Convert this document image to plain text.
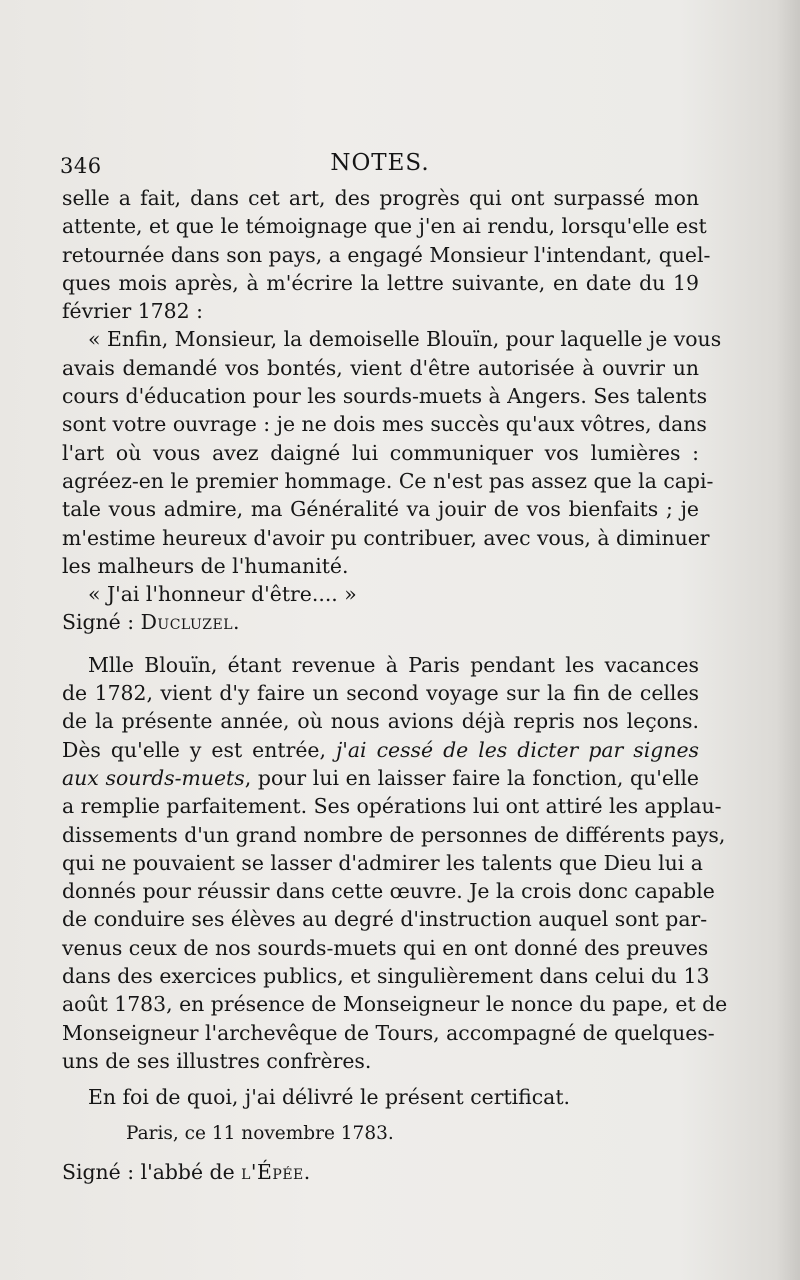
346	NOTES.

selle a fait, dans cet art, des progrès qui ont surpassé mon
attente, et que le témoignage que j'en ai rendu, lorsqu'elle est
retournée dans son pays, a engagé Monsieur l'intendant, quel-
ques mois après, à m'écrire la lettre suivante, en date du 19
février 1782 :

« Enfin, Monsieur, la demoiselle Blouïn, pour laquelle je vous
avais demandé vos bontés, vient d'être autorisée à ouvrir un
cours d'éducation pour les sourds-muets à Angers. Ses talents
sont votre ouvrage : je ne dois mes succès qu'aux vôtres, dans
l'art où vous avez daigné lui communiquer vos lumières :
agréez-en le premier hommage. Ce n'est pas assez que la capi-
tale vous admire, ma Généralité va jouir de vos bienfaits ; je
m'estime heureux d'avoir pu contribuer, avec vous, à diminuer
les malheurs de l'humanité.

« J'ai l'honneur d'être.... »

Signé : Ducluzel.

Mlle Blouïn, étant revenue à Paris pendant les vacances
de 1782, vient d'y faire un second voyage sur la fin de celles
de la présente année, où nous avions déjà repris nos leçons.
Dès qu'elle y est entrée, j'ai cessé de les dicter par signes
aux sourds-muets, pour lui en laisser faire la fonction, qu'elle
a remplie parfaitement. Ses opérations lui ont attiré les applau-
dissements d'un grand nombre de personnes de différents pays,
qui ne pouvaient se lasser d'admirer les talents que Dieu lui a
donnés pour réussir dans cette œuvre. Je la crois donc capable
de conduire ses élèves au degré d'instruction auquel sont par-
venus ceux de nos sourds-muets qui en ont donné des preuves
dans des exercices publics, et singulièrement dans celui du 13
août 1783, en présence de Monseigneur le nonce du pape, et de
Monseigneur l'archevêque de Tours, accompagné de quelques-
uns de ses illustres confrères.

En foi de quoi, j'ai délivré le présent certificat.

Paris, ce 11 novembre 1783.

Signé : l'abbé de l'Épée.
